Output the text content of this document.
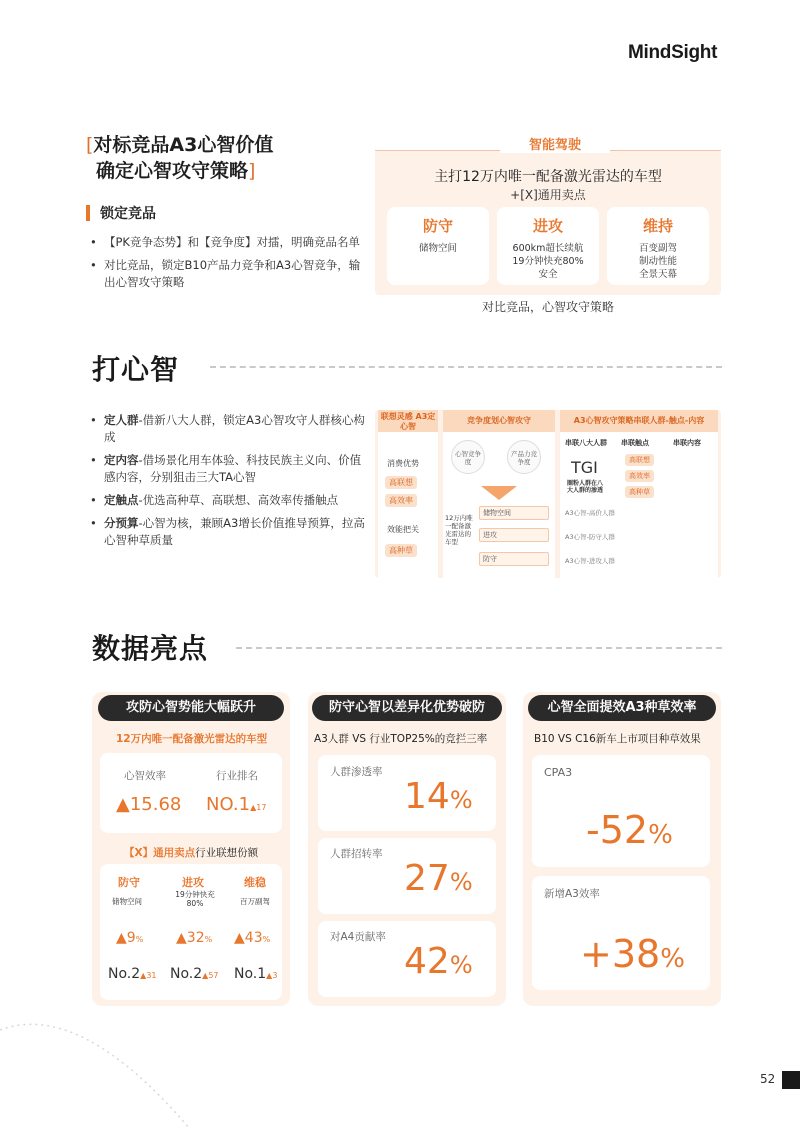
MindSight
[对标竞品A3心智价值
确定心智攻守策略]
锁定竞品
• 【PK竞争态势】和【竞争度】对擂，明确竞品名单
• 对比竞品，锁定B10产品力竞争和A3心智竞争，输出心智攻守策略
智能驾驶
主打12万内唯一配备激光雷达的车型
+[X]通用卖点
防守
储物空间
进攻
600km超长续航
19分钟快充80%
安全
维持
百变副驾
制动性能
全景天幕
对比竞品，心智攻守策略
打心智
• 定人群-借新八大人群，锁定A3心智攻守人群核心构成
• 定内容-借场景化用车体验、科技民族主义向、价值感内容，分别狙击三大TA心智
• 定触点-优选高种草、高联想、高效率传播触点
• 分预算-心智为核，兼顾A3增长价值推导预算，拉高心智种草质量
联想灵感 A3定心智
消费优势
高联想
高效率
效能把关
高种草
竞争度划心智攻守
心智竞争度
产品力竞争度
12万内唯一配备激光雷达的车型
储物空间
进攻
防守
A3心智攻守策略串联人群-触点-内容
串联八大人群 串联触点	串联内容
TGI
圈粉人群在八大人群的渗透
高联想
高效率
高种草
A3心智-高价人群
A3心智-防守人群
A3心智-进攻人群
数据亮点
攻防心智势能大幅跃升
12万内唯一配备激光雷达的车型
心智效率	行业排名
▲15.68 NO.1▲17
【X】通用卖点行业联想份额
防守
储物空间
▲9%
No.2▲31
进攻
19分钟快充80%
▲32%
No.2▲57
维稳
百万副驾
▲43%
No.1▲3
防守心智以差异化优势破防
A3人群 VS 行业TOP25%的竞拦三率
人群渗透率
人群招转率
对A4贡献率
14%
27%
42%
心智全面提效A3种草效率
B10 VS C16新车上市项目种草效果
CPA3
新增A3效率
-52%
+38%
52
